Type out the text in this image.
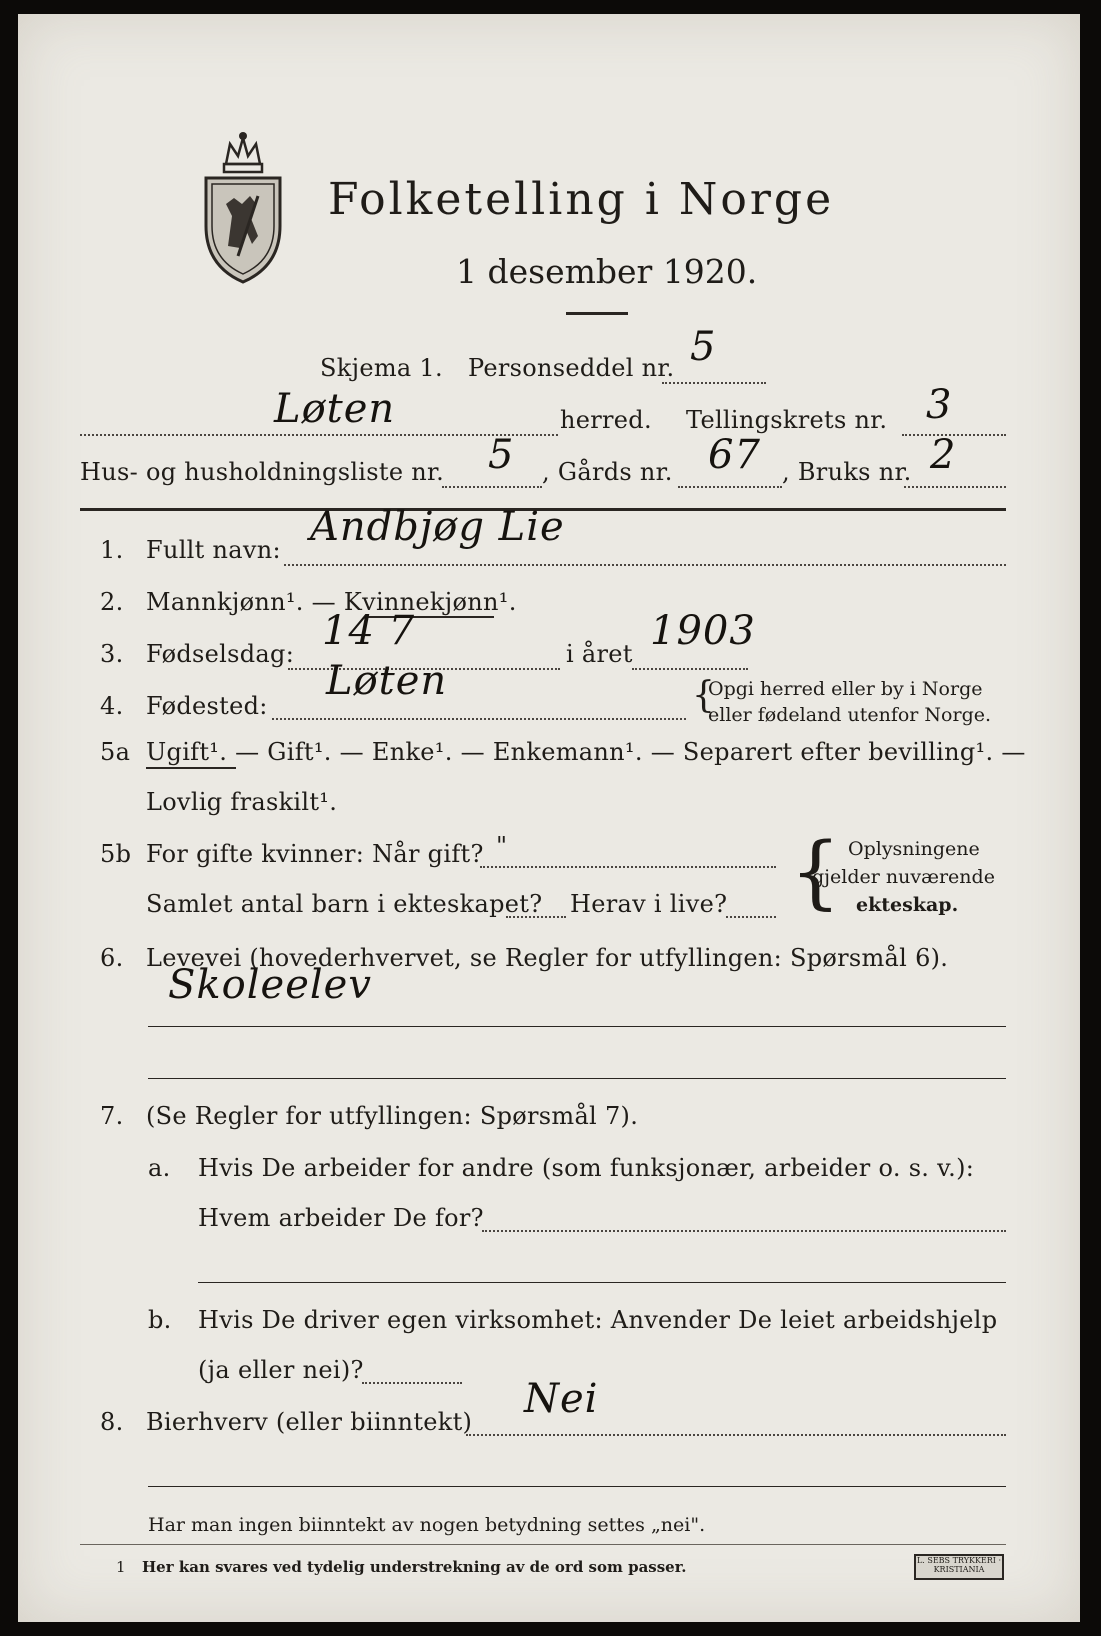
Folketelling i Norge
1 desember 1920.
Skjema 1. Personseddel nr. 5
Løten	herred. Tellingskrets nr. 3
Hus- og husholdningsliste nr. 5 , Gårds nr. 67 , Bruks nr. 2
1. Fullt navn: Andbjøg Lie
2. Mannkjønn¹. — Kvinnekjønn¹.
3. Fødselsdag: 14 7	i året 1903
4. Fødested:
Løten	{
Opgi herred eller by i Norge
eller fødeland utenfor Norge.
5a Ugift¹. — Gift¹. — Enke¹. — Enkemann¹. — Separert efter bevilling¹. —
Lovlig fraskilt¹.
5b For gifte kvinner: Når gift? "
Samlet antal barn i ekteskapet? Herav i live? { Oplysningene
gjelder nuværende
ekteskap.
6. Levevei (hovederhvervet, se Regler for utfyllingen: Spørsmål 6).
Skoleelev
7. (Se Regler for utfyllingen: Spørsmål 7).
a. Hvis De arbeider for andre (som funksjonær, arbeider o. s. v.):
Hvem arbeider De for?
b. Hvis De driver egen virksomhet: Anvender De leiet arbeidshjelp
(ja eller nei)?
8. Bierhverv (eller biinntekt) Nei
Har man ingen biinntekt av nogen betydning settes „nei".
1 Her kan svares ved tydelig understrekning av de ord som passer.	L. SEBS TRYKKERI · KRISTIANIA
